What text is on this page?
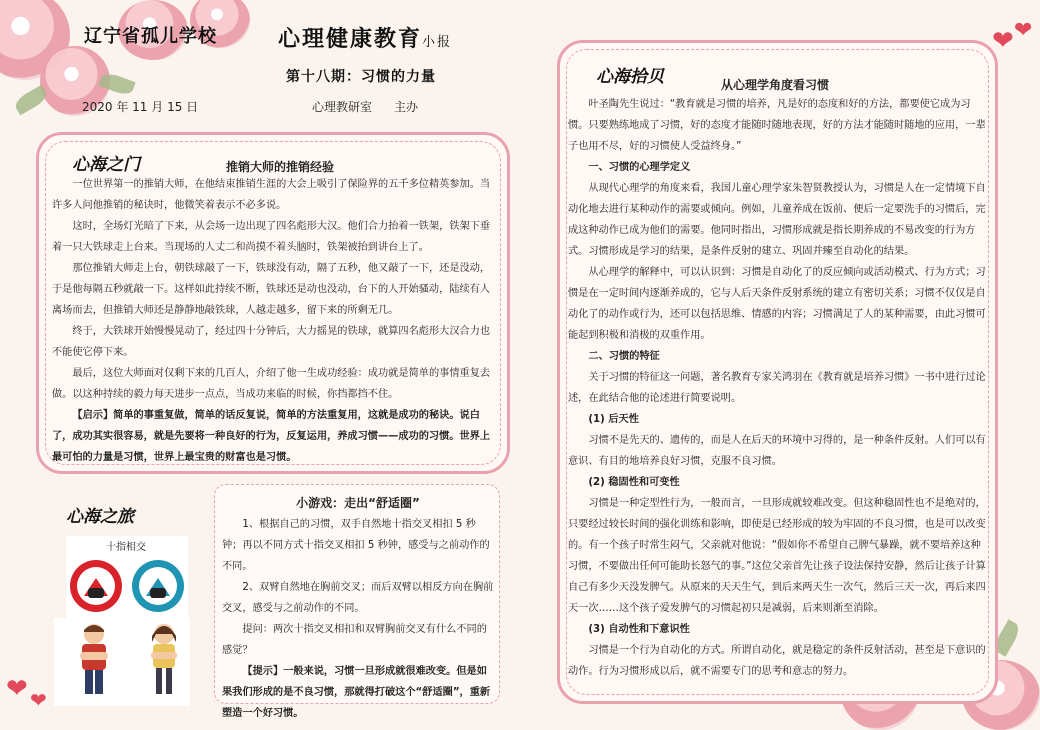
❤ ❤
❤ ❤
辽宁省孤儿学校	心理健康教育小报
第十八期：习惯的力量
2020 年 11 月 15 日	心理教研室 主办
心海之门	推销大师的推销经验

一位世界第一的推销大师，在他结束推销生涯的大会上吸引了保险界的五千多位精英参加。当许多人问他推销的秘诀时，他微笑着表示不必多说。

这时，全场灯光暗了下来，从会场一边出现了四名彪形大汉。他们合力抬着一铁架，铁架下垂着一只大铁球走上台来。当现场的人丈二和尚摸不着头脑时，铁架被抬到讲台上了。

那位推销大师走上台，朝铁球敲了一下，铁球没有动，隔了五秒，他又敲了一下，还是没动，于是他每隔五秒就敲一下。这样如此持续不断，铁球还是动也没动，台下的人开始骚动，陆续有人离场而去，但推销大师还是静静地敲铁球，人越走越多，留下来的所剩无几。

终于，大铁球开始慢慢晃动了，经过四十分钟后，大力摇晃的铁球，就算四名彪形大汉合力也不能使它停下来。

最后，这位大师面对仅剩下来的几百人，介绍了他一生成功经验：成功就是简单的事情重复去做。以这种持续的毅力每天进步一点点，当成功来临的时候，你挡都挡不住。

【启示】简单的事重复做，简单的话反复说，简单的方法重复用，这就是成功的秘诀。说白了，成功其实很容易，就是先要将一种良好的行为，反复运用，养成习惯——成功的习惯。世界上最可怕的力量是习惯，世界上最宝贵的财富也是习惯。

心海之旅
十指相交
小游戏：走出“舒适圈”

1、根据自己的习惯，双手自然地十指交叉相扣 5 秒钟；再以不同方式十指交叉相扣 5 秒钟，感受与之前动作的不同。

2、双臂自然地在胸前交叉；而后双臂以相反方向在胸前交叉，感受与之前动作的不同。

提问：两次十指交叉相扣和双臂胸前交叉有什么不同的感觉？

【提示】一般来说，习惯一旦形成就很难改变。但是如果我们形成的是不良习惯，那就得打破这个“舒适圈”，重新塑造一个好习惯。

心海拾贝	从心理学角度看习惯

叶圣陶先生说过：“教育就是习惯的培养，凡是好的态度和好的方法，都要使它成为习惯。只要熟练地成了习惯，好的态度才能随时随地表现，好的方法才能随时随地的应用，一辈子也用不尽，好的习惯使人受益终身。”

一、习惯的心理学定义

从现代心理学的角度来看，我国儿童心理学家朱智贤教授认为，习惯是人在一定情境下自动化地去进行某种动作的需要或倾向。例如，儿童养成在饭前、便后一定要洗手的习惯后，完成这种动作已成为他们的需要。他同时指出，习惯形成就是指长期养成的不易改变的行为方式。习惯形成是学习的结果，是条件反射的建立、巩固并臻至自动化的结果。

从心理学的解释中，可以认识到：习惯是自动化了的反应倾向或活动模式、行为方式；习惯是在一定时间内逐渐养成的，它与人后天条件反射系统的建立有密切关系；习惯不仅仅是自动化了的动作或行为，还可以包括思维、情感的内容；习惯满足了人的某种需要，由此习惯可能起到积极和消极的双重作用。

二、习惯的特征

关于习惯的特征这一问题，著名教育专家关鸿羽在《教育就是培养习惯》一书中进行过论述，在此结合他的论述进行简要说明。

(1) 后天性

习惯不是先天的、遗传的，而是人在后天的环境中习得的，是一种条件反射。人们可以有意识、有目的地培养良好习惯，克服不良习惯。

(2) 稳固性和可变性

习惯是一种定型性行为，一般而言，一旦形成就较难改变。但这种稳固性也不是绝对的，只要经过较长时间的强化训练和影响，即使是已经形成的较为牢固的不良习惯，也是可以改变的。有一个孩子时常生闷气，父亲就对他说：“假如你不希望自己脾气暴躁，就不要培养这种习惯，不要做出任何可能助长怒气的事。”这位父亲首先让孩子设法保持安静，然后让孩子计算自己有多少天没发脾气。从原来的天天生气，到后来两天生一次气，然后三天一次，再后来四天一次……这个孩子爱发脾气的习惯起初只是减弱，后来则渐至消除。

(3) 自动性和下意识性

习惯是一个行为自动化的方式。所谓自动化，就是稳定的条件反射活动，甚至是下意识的动作。行为习惯形成以后，就不需要专门的思考和意志的努力。
